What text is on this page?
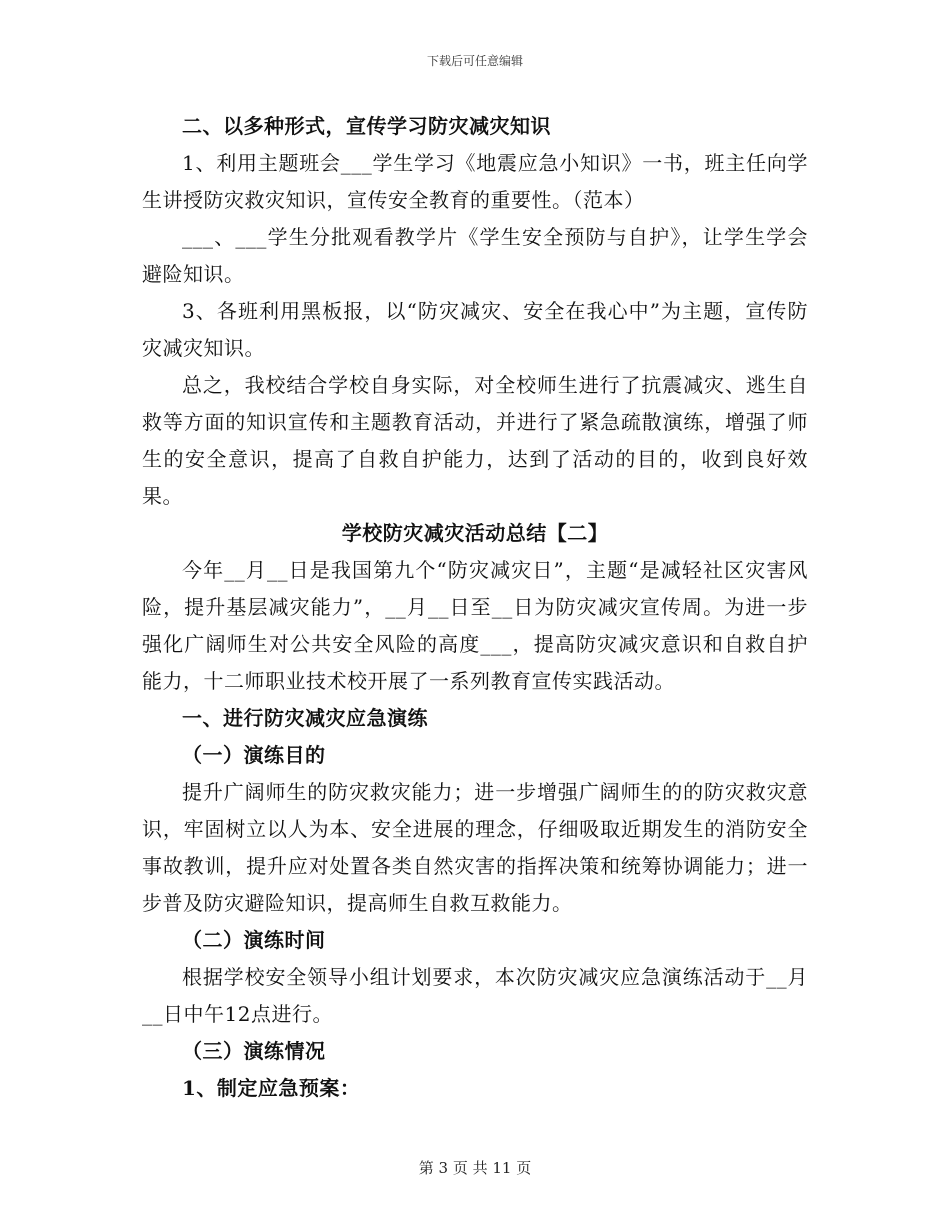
下载后可任意编辑
二、以多种形式，宣传学习防灾减灾知识
1、利用主题班会___学生学习《地震应急小知识》一书，班主任向学生讲授防灾救灾知识，宣传安全教育的重要性。（范本）
___、___学生分批观看教学片《学生安全预防与自护》，让学生学会避险知识。
3、各班利用黑板报，以“防灾减灾、安全在我心中”为主题，宣传防灾减灾知识。
总之，我校结合学校自身实际，对全校师生进行了抗震减灾、逃生自救等方面的知识宣传和主题教育活动，并进行了紧急疏散演练，增强了师生的安全意识，提高了自救自护能力，达到了活动的目的，收到良好效果。
学校防灾减灾活动总结【二】
今年__月__日是我国第九个“防灾减灾日”，主题“是减轻社区灾害风险，提升基层减灾能力”，__月__日至__日为防灾减灾宣传周。为进一步强化广阔师生对公共安全风险的高度___，提高防灾减灾意识和自救自护能力，十二师职业技术校开展了一系列教育宣传实践活动。
一、进行防灾减灾应急演练
（一）演练目的
提升广阔师生的防灾救灾能力；进一步增强广阔师生的的防灾救灾意识，牢固树立以人为本、安全进展的理念，仔细吸取近期发生的消防安全事故教训，提升应对处置各类自然灾害的指挥决策和统筹协调能力；进一步普及防灾避险知识，提高师生自救互救能力。
（二）演练时间
根据学校安全领导小组计划要求，本次防灾减灾应急演练活动于__月__日中午12点进行。
（三）演练情况
1、制定应急预案：
第 3 页 共 11 页
